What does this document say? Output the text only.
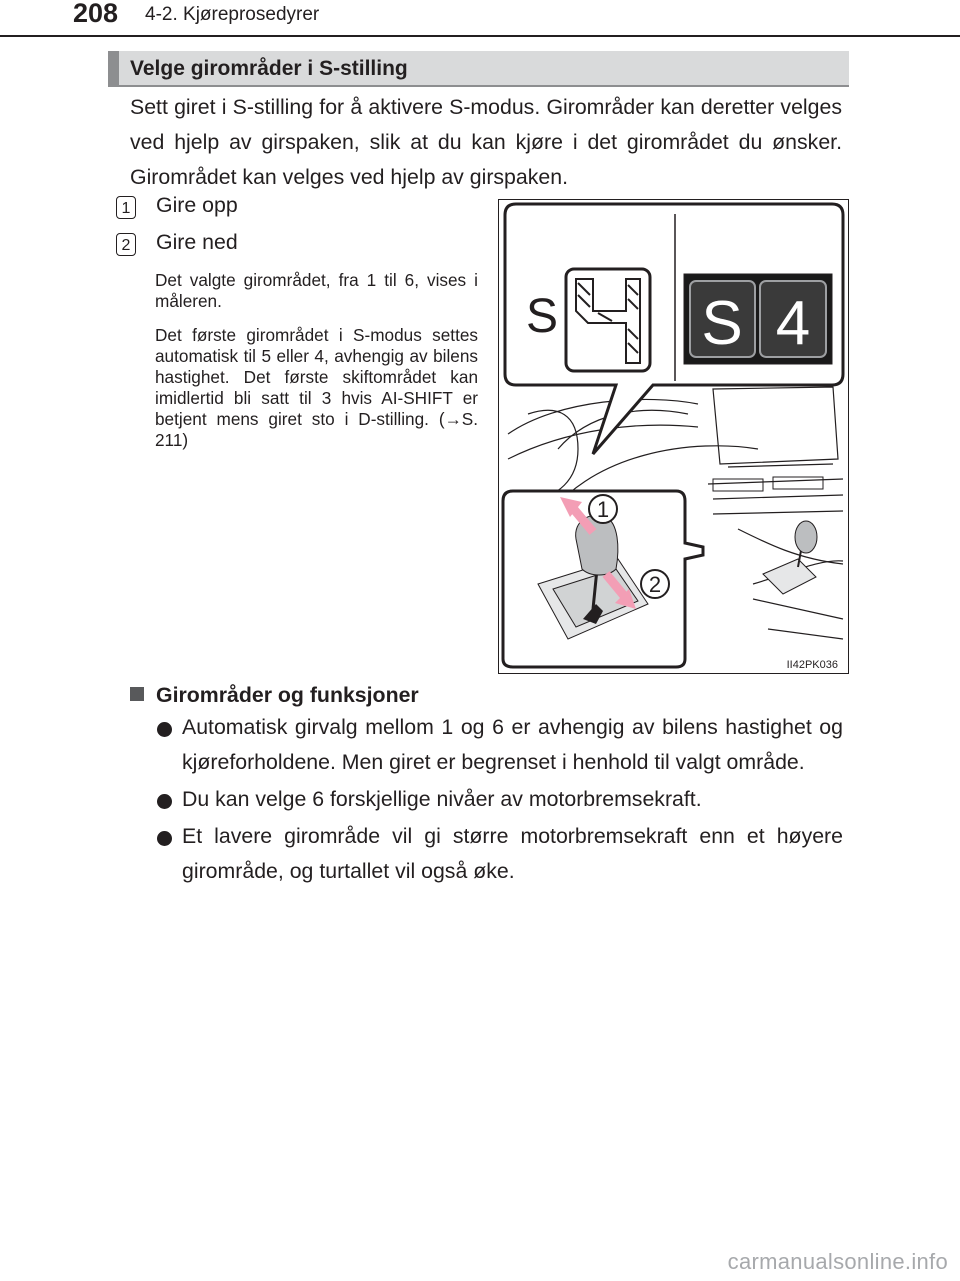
208 4-2. Kjøreprosedyrer
Velge girområder i S-stilling
Sett giret i S-stilling for å aktivere S-modus. Girområder kan deretter velges ved hjelp av girspaken, slik at du kan kjøre i det girområdet du ønsker. Girområdet kan velges ved hjelp av girspaken.
1 Gire opp
2 Gire ned
Det valgte girområdet, fra 1 til 6, vises i måleren.
Det første girområdet i S-modus settes automatisk til 5 eller 4, avhengig av bilens hastighet. Det første skiftområdet kan imidlertid bli satt til 3 hvis AI-SHIFT er betjent mens giret sto i D-stilling. (→S. 211)
S S 4
1
2
II42PK036
Girområder og funksjoner
Automatisk girvalg mellom 1 og 6 er avhengig av bilens hastighet og kjøreforholdene. Men giret er begrenset i henhold til valgt område.
Du kan velge 6 forskjellige nivåer av motorbremsekraft.
Et lavere girområde vil gi større motorbremsekraft enn et høyere girområde, og turtallet vil også øke.
carmanualsonline.info
